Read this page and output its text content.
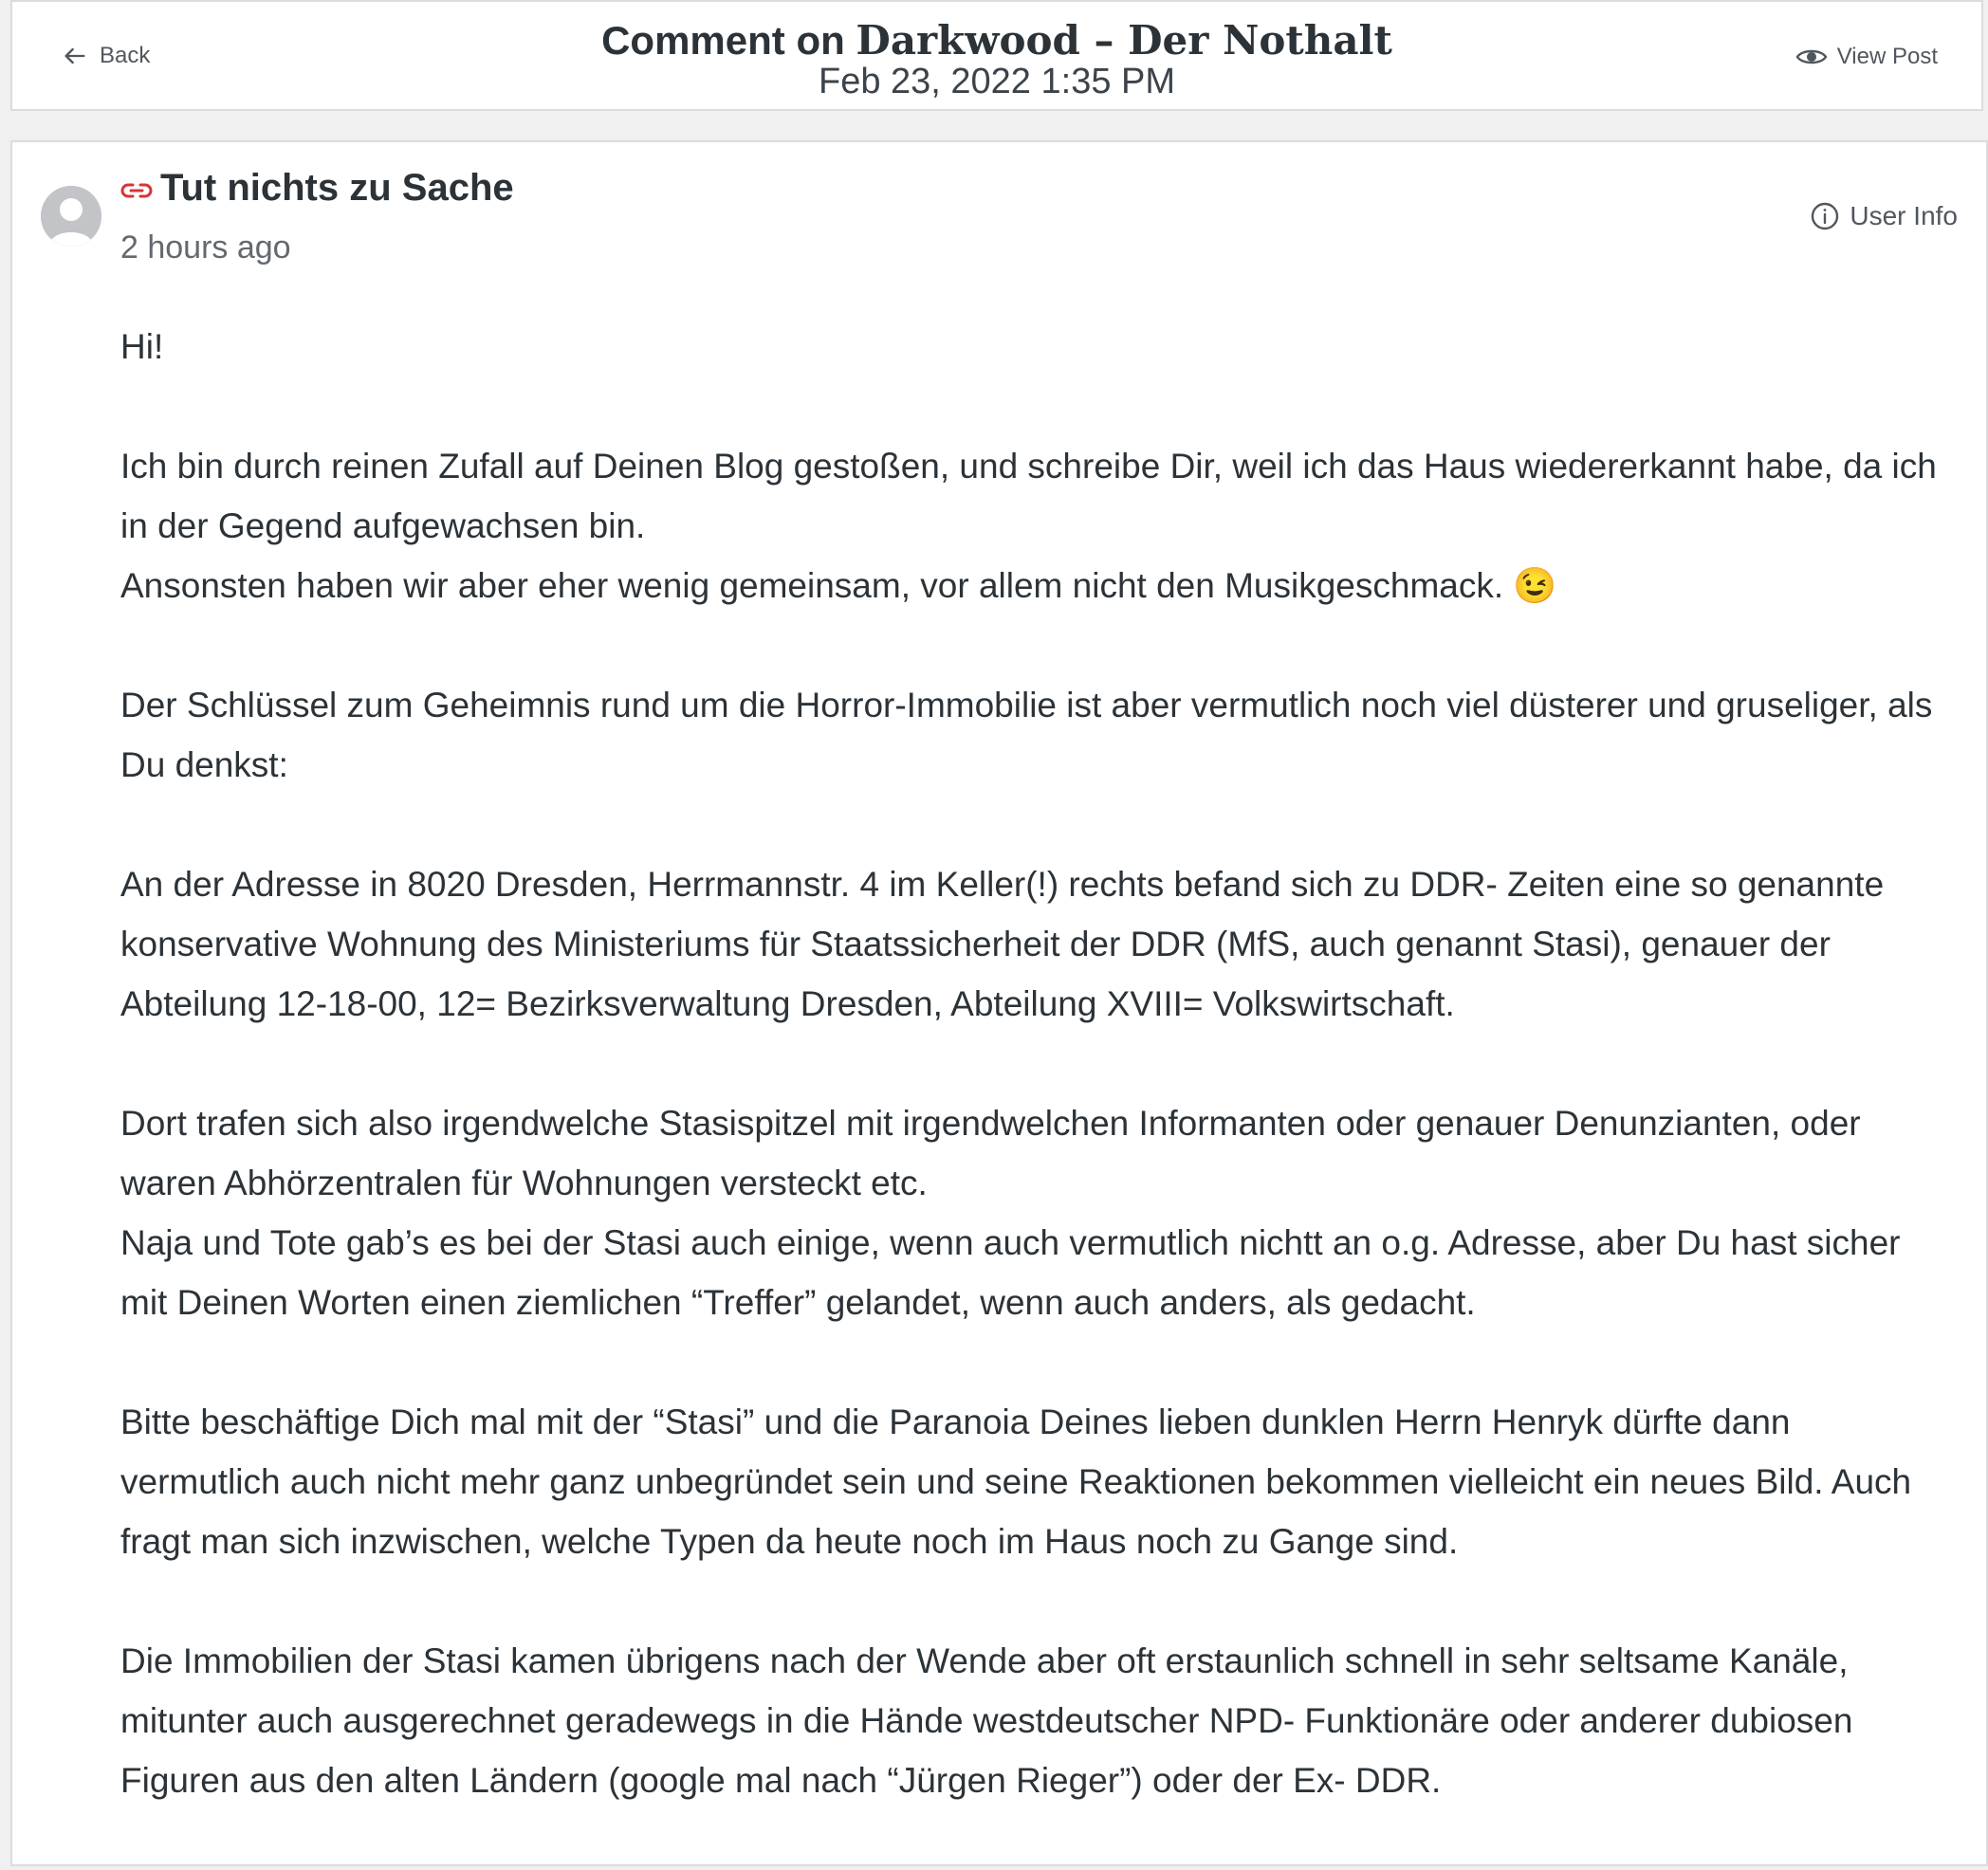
Back	Comment on Darkwood – Der Nothalt
Feb 23, 2022 1:35 PM
View Post
Tut nichts zu Sache
2 hours ago
User Info

Hi!

Ich bin durch reinen Zufall auf Deinen Blog gestoßen, und schreibe Dir, weil ich das Haus wiedererkannt habe, da ich in der Gegend aufgewachsen bin.
Ansonsten haben wir aber eher wenig gemeinsam, vor allem nicht den Musikgeschmack. 😉

Der Schlüssel zum Geheimnis rund um die Horror-Immobilie ist aber vermutlich noch viel düsterer und gruseliger, als Du denkst:

An der Adresse in 8020 Dresden, Herrmannstr. 4 im Keller(!) rechts befand sich zu DDR- Zeiten eine so genannte konservative Wohnung des Ministeriums für Staatssicherheit der DDR (MfS, auch genannt Stasi), genauer der Abteilung 12-18-00, 12= Bezirksverwaltung Dresden, Abteilung XVIII= Volkswirtschaft.

Dort trafen sich also irgendwelche Stasispitzel mit irgendwelchen Informanten oder genauer Denunzianten, oder waren Abhörzentralen für Wohnungen versteckt etc.
Naja und Tote gab’s es bei der Stasi auch einige, wenn auch vermutlich nichtt an o.g. Adresse, aber Du hast sicher mit Deinen Worten einen ziemlichen “Treffer” gelandet, wenn auch anders, als gedacht.

Bitte beschäftige Dich mal mit der “Stasi” und die Paranoia Deines lieben dunklen Herrn Henryk dürfte dann vermutlich auch nicht mehr ganz unbegründet sein und seine Reaktionen bekommen vielleicht ein neues Bild. Auch fragt man sich inzwischen, welche Typen da heute noch im Haus noch zu Gange sind.

Die Immobilien der Stasi kamen übrigens nach der Wende aber oft erstaunlich schnell in sehr seltsame Kanäle, mitunter auch ausgerechnet geradewegs in die Hände westdeutscher NPD- Funktionäre oder anderer dubiosen Figuren aus den alten Ländern (google mal nach “Jürgen Rieger”) oder der Ex- DDR.
